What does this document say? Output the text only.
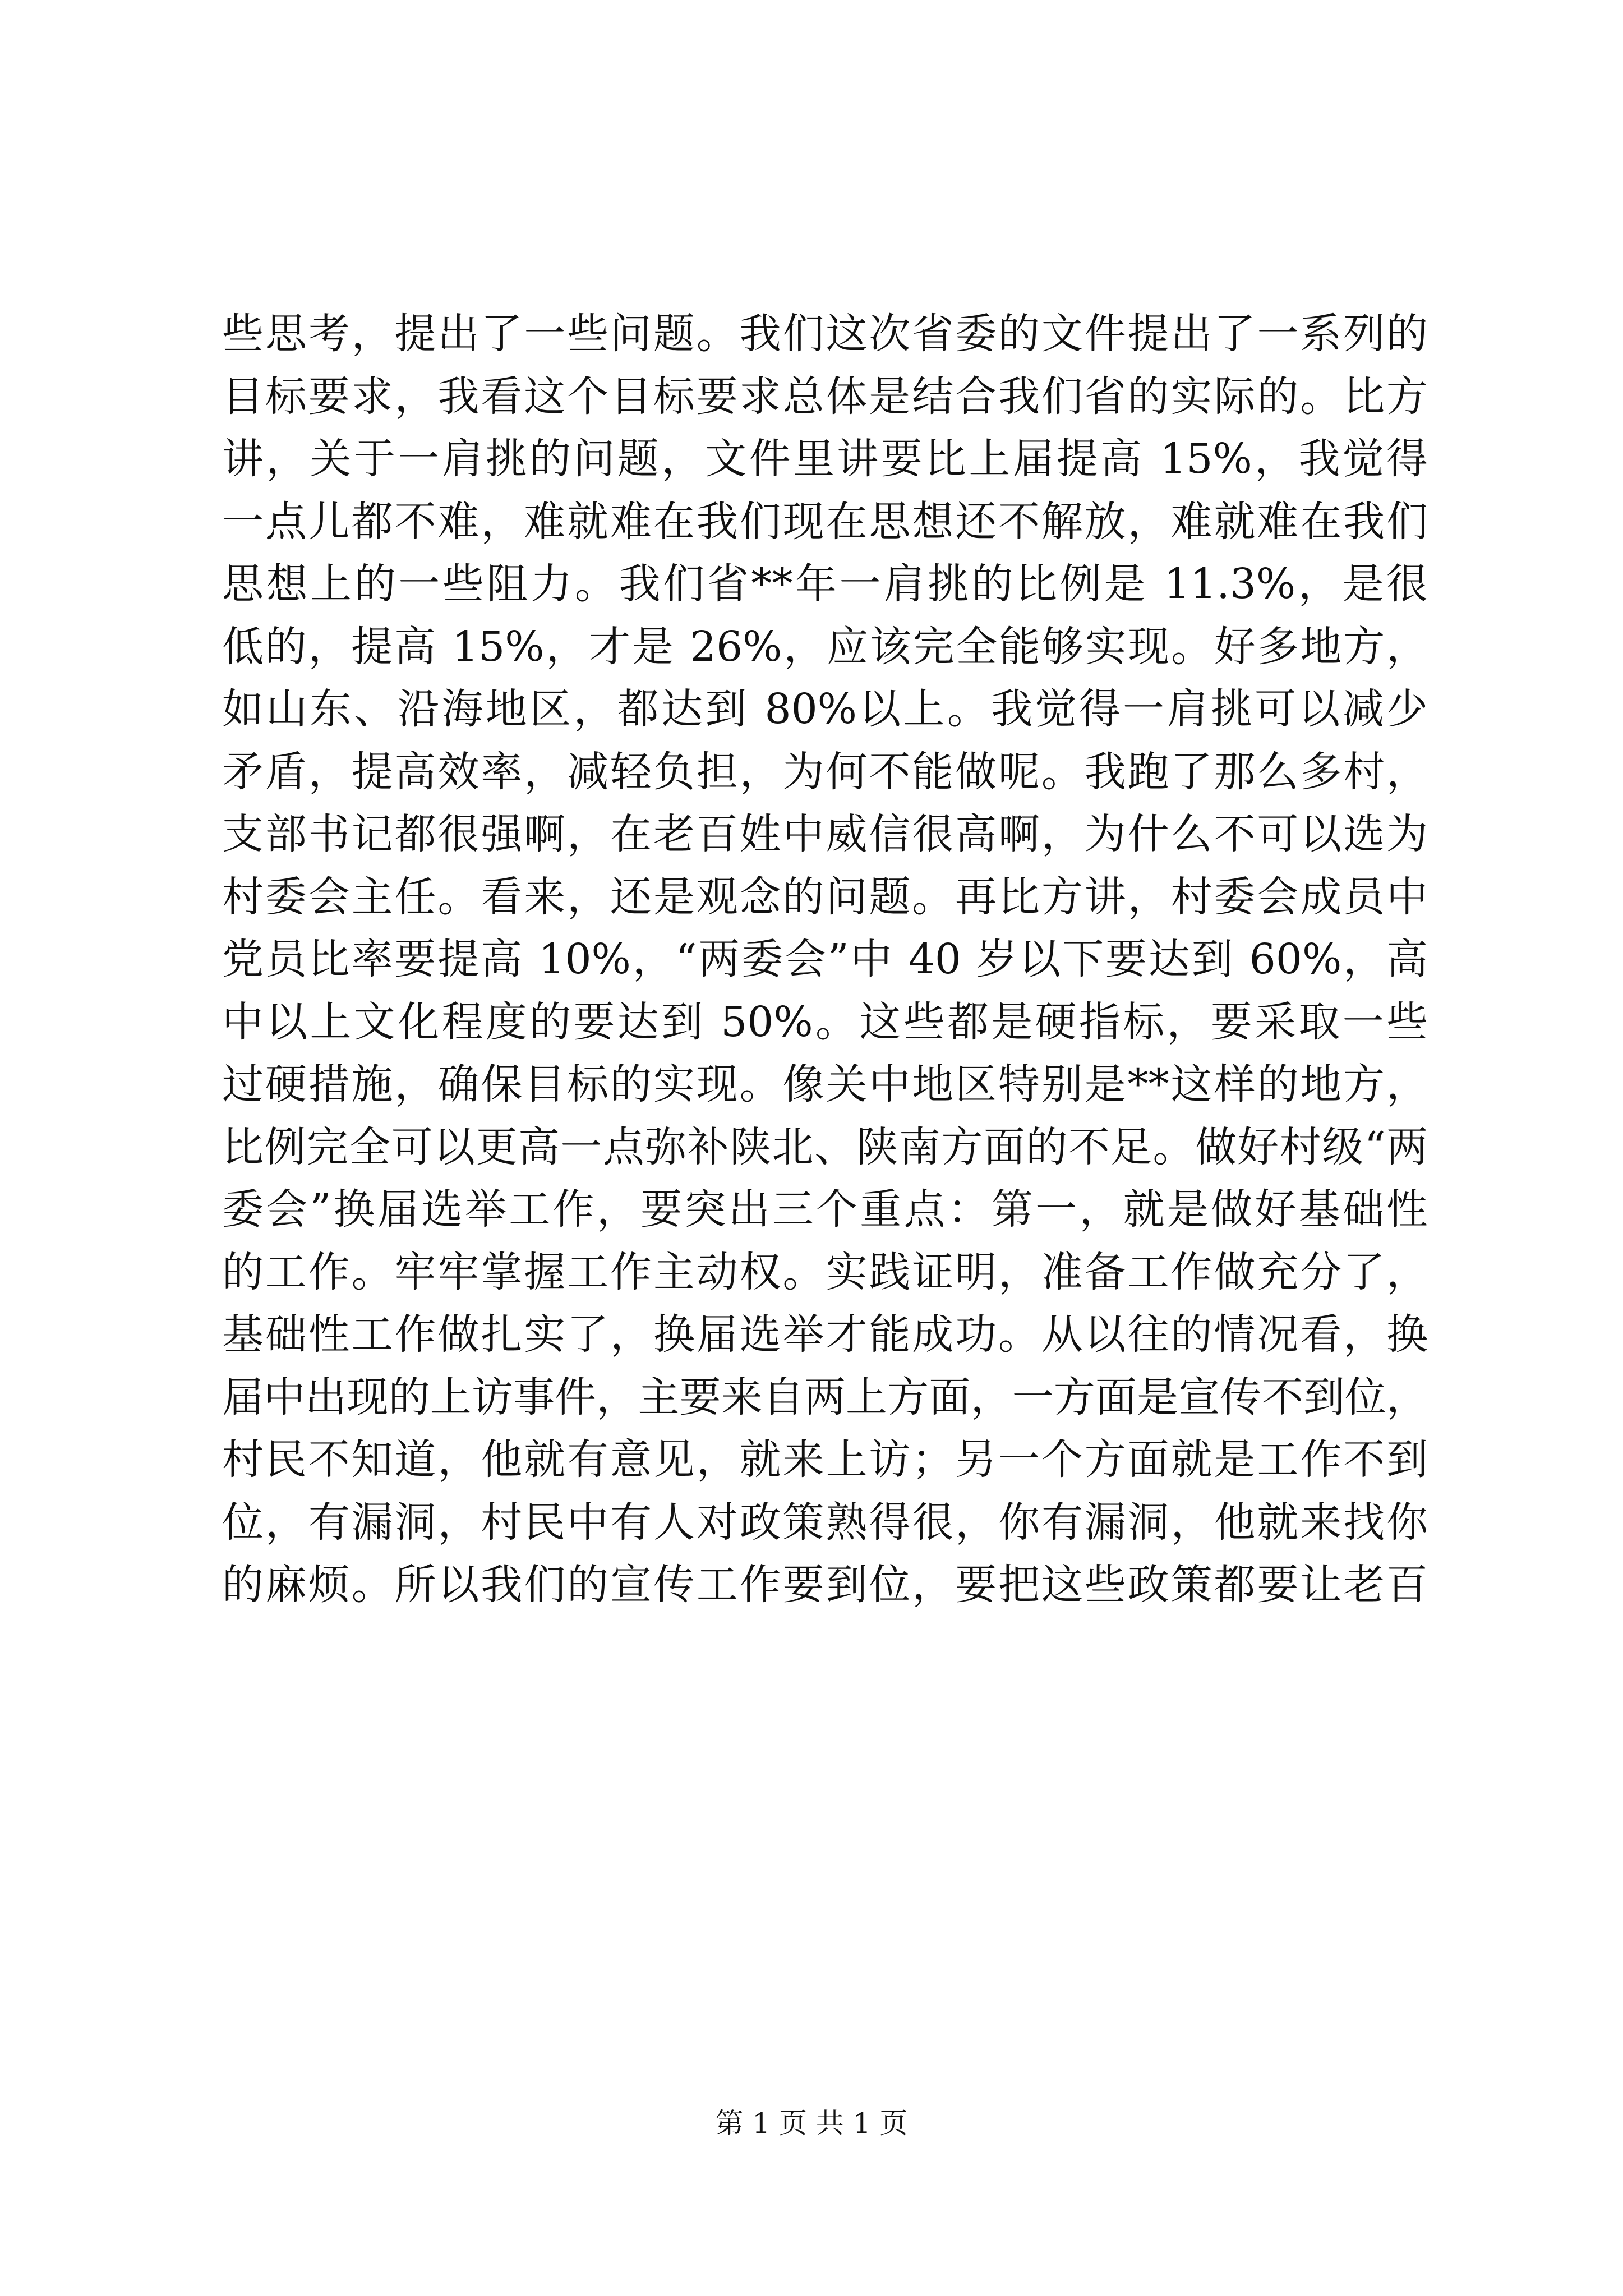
些思考，提出了一些问题。我们这次省委的文件提出了一系列的
目标要求，我看这个目标要求总体是结合我们省的实际的。比方
讲，关于一肩挑的问题，文件里讲要比上届提高 15%，我觉得
一点儿都不难，难就难在我们现在思想还不解放，难就难在我们
思想上的一些阻力。我们省**年一肩挑的比例是 11.3%，是很
低的，提高 15%，才是 26%，应该完全能够实现。好多地方，
如山东、沿海地区，都达到 80%以上。我觉得一肩挑可以减少
矛盾，提高效率，减轻负担，为何不能做呢。我跑了那么多村，
支部书记都很强啊，在老百姓中威信很高啊，为什么不可以选为
村委会主任。看来，还是观念的问题。再比方讲，村委会成员中
党员比率要提高 10%，“两委会”中 40 岁以下要达到 60%，高
中以上文化程度的要达到 50%。这些都是硬指标，要采取一些
过硬措施，确保目标的实现。像关中地区特别是**这样的地方，
比例完全可以更高一点弥补陕北、陕南方面的不足。做好村级“两
委会”换届选举工作，要突出三个重点：第一，就是做好基础性
的工作。牢牢掌握工作主动权。实践证明，准备工作做充分了，
基础性工作做扎实了，换届选举才能成功。从以往的情况看，换
届中出现的上访事件，主要来自两上方面，一方面是宣传不到位，
村民不知道，他就有意见，就来上访；另一个方面就是工作不到
位，有漏洞，村民中有人对政策熟得很，你有漏洞，他就来找你
的麻烦。所以我们的宣传工作要到位，要把这些政策都要让老百
第 1 页 共 1 页
